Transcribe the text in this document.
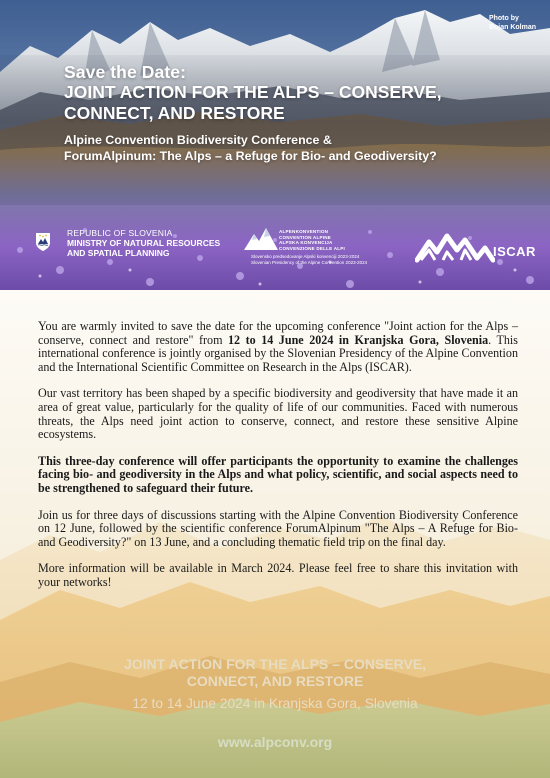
Photo by
Bojan Kolman
Save the Date:
JOINT ACTION FOR THE ALPS – CONSERVE,
CONNECT, AND RESTORE
Alpine Convention Biodiversity Conference &
ForumAlpinum: The Alps – a Refuge for Bio- and Geodiversity?
REPUBLIC OF SLOVENIA
MINISTRY OF NATURAL RESOURCES
AND SPATIAL PLANNING
ALPENKONVENTION
CONVENTION ALPINE
ALPSKA KONVENCIJA
CONVENZIONE DELLE ALPI
Slovensko predsedovanje Alpski konvenciji 2023-2024
Slovenian Presidency of the Alpine Convention 2023-2024
ISCAR

You are warmly invited to save the date for the upcoming conference "Joint action for the Alps – conserve, connect and restore" from 12 to 14 June 2024 in Kranjska Gora, Slovenia. This international conference is jointly organised by the Slovenian Presidency of the Alpine Convention and the International Scientific Committee on Research in the Alps (ISCAR).

Our vast territory has been shaped by a specific biodiversity and geodiversity that have made it an area of great value, particularly for the quality of life of our communities. Faced with numerous threats, the Alps need joint action to conserve, connect, and restore these sensitive Alpine ecosystems.

This three-day conference will offer participants the opportunity to examine the challenges facing bio- and geodiversity in the Alps and what policy, scientific, and social aspects need to be strengthened to safeguard their future.

Join us for three days of discussions starting with the Alpine Convention Biodiversity Conference on 12 June, followed by the scientific conference ForumAlpinum "The Alps – A Refuge for Bio- and Geodiversity?" on 13 June, and a concluding thematic field trip on the final day.

More information will be available in March 2024. Please feel free to share this invitation with your networks!

JOINT ACTION FOR THE ALPS – CONSERVE,
CONNECT, AND RESTORE
12 to 14 June 2024 in Kranjska Gora, Slovenia
www.alpconv.org
